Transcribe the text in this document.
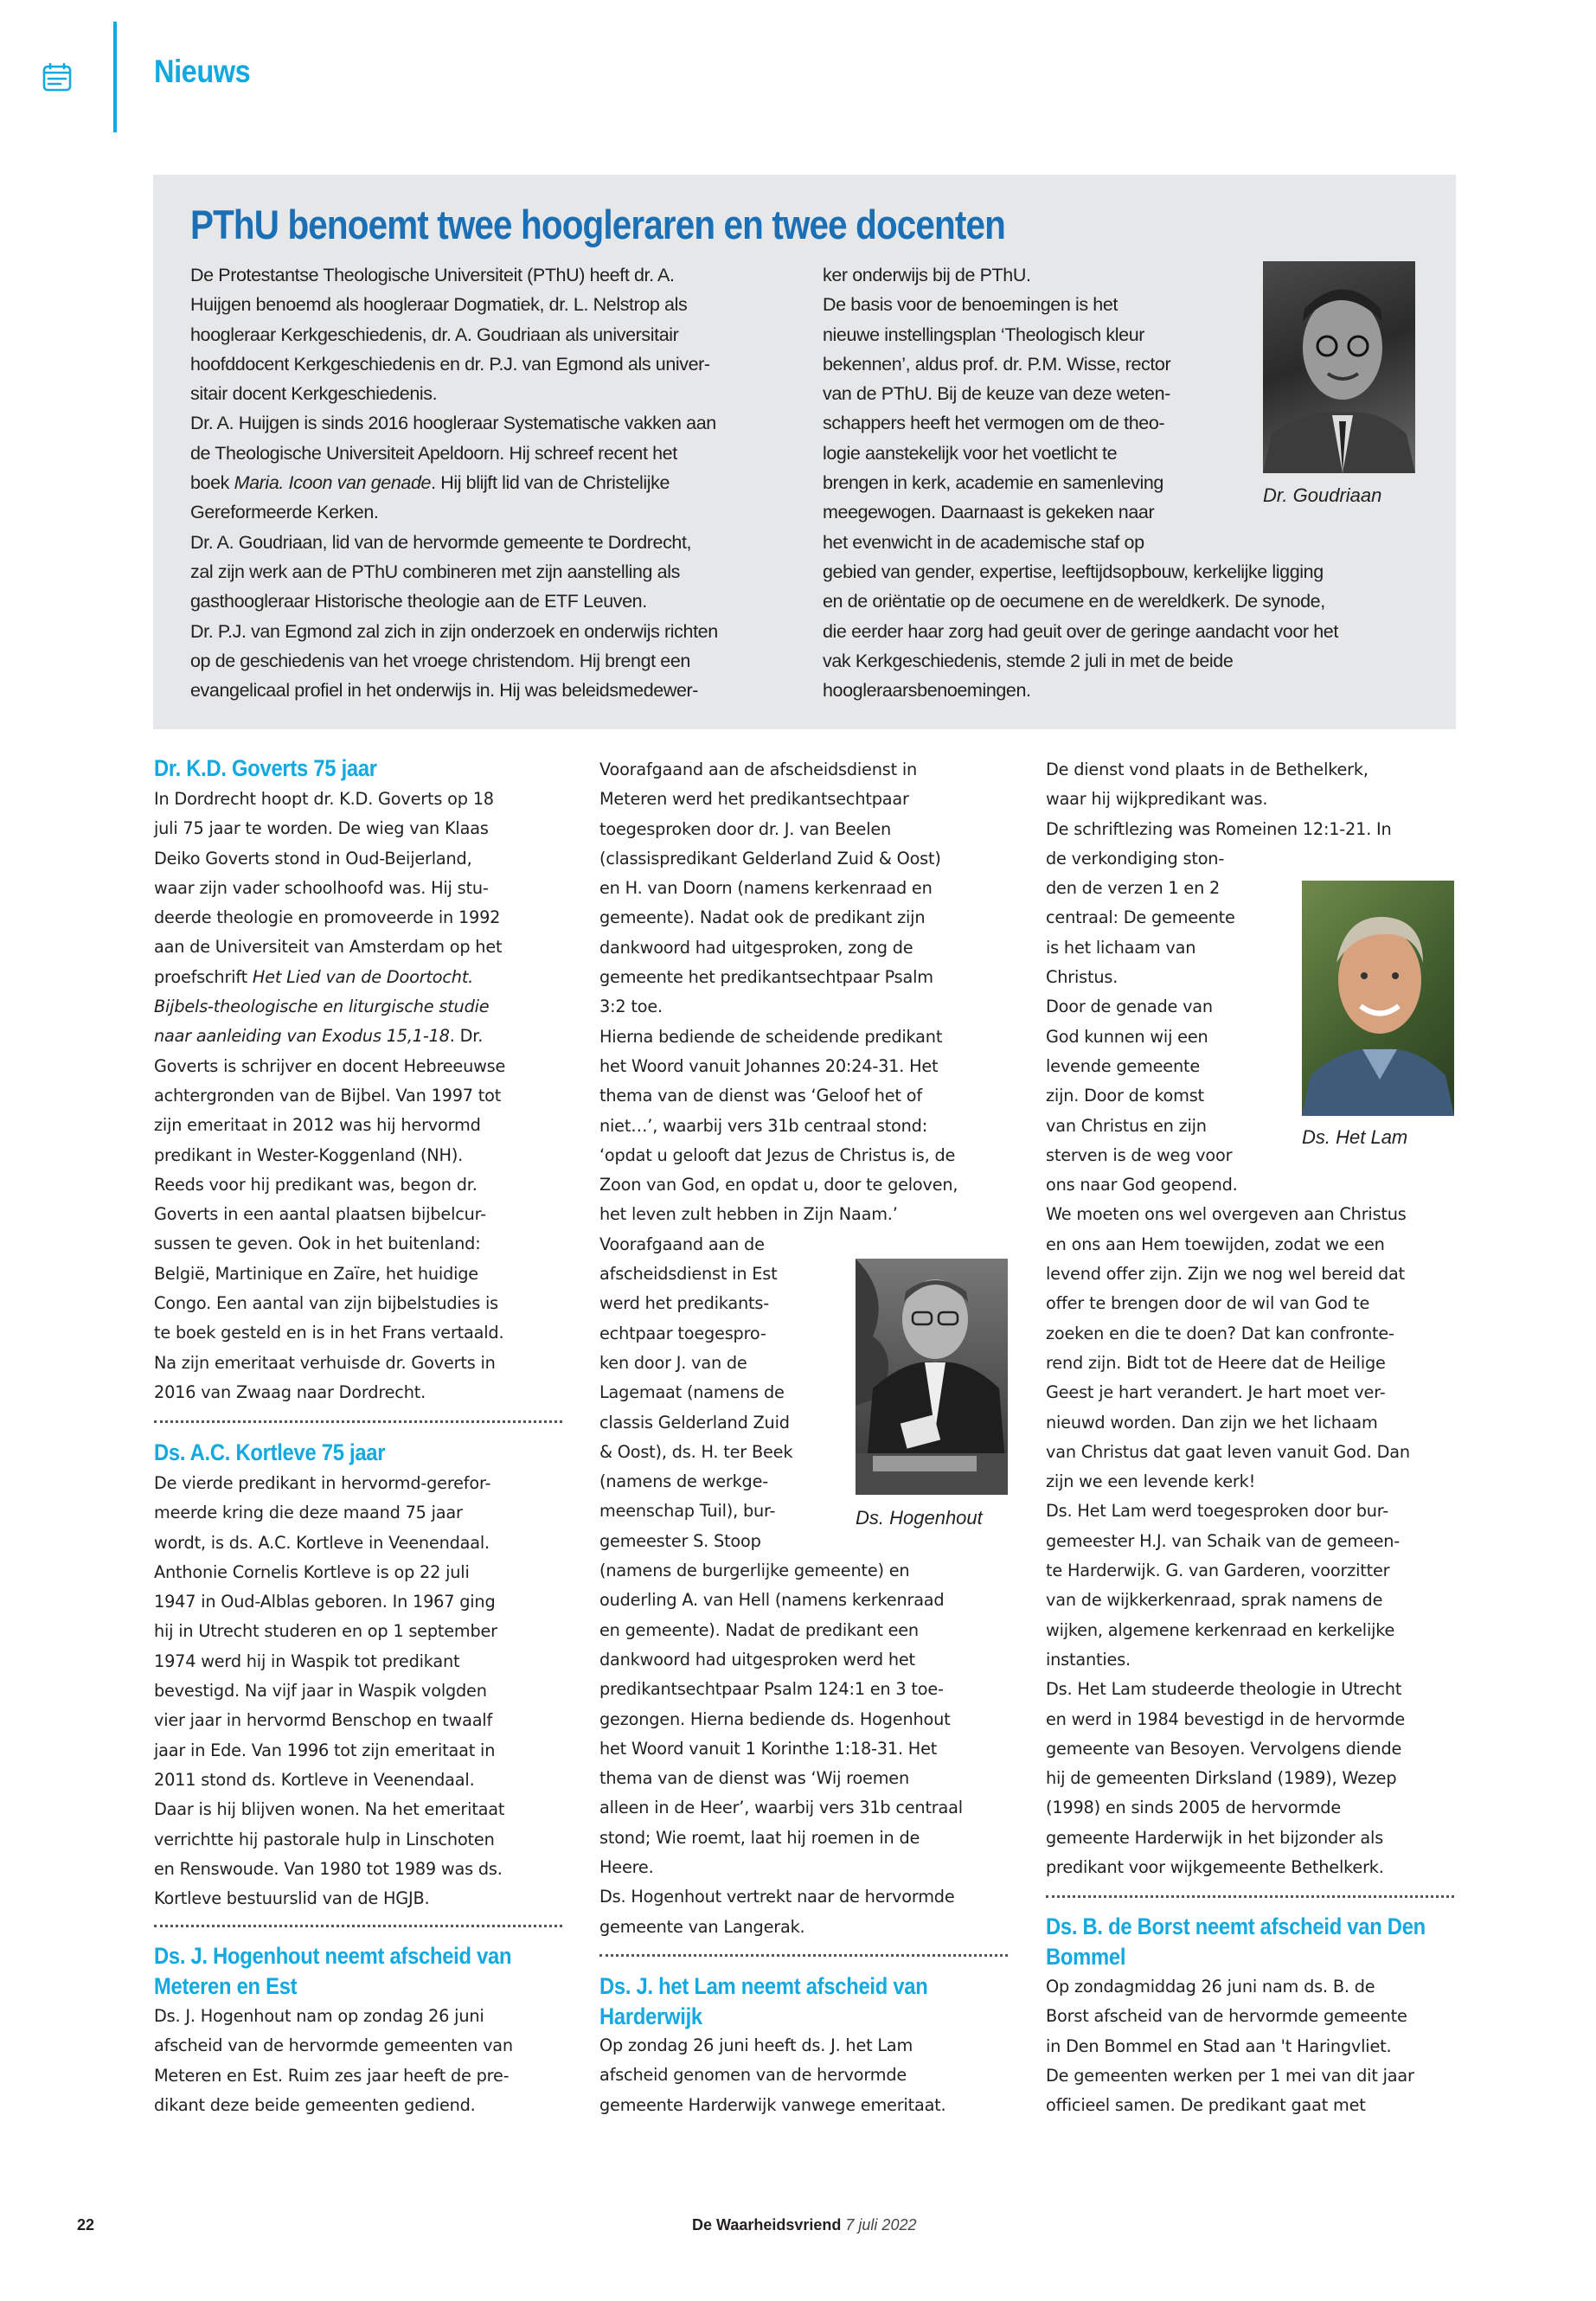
Nieuws
PThU benoemt twee hoogleraren en twee docenten
De Protestantse Theologische Universiteit (PThU) heeft dr. A.
Huijgen benoemd als hoogleraar Dogmatiek, dr. L. Nelstrop als
hoogleraar Kerkgeschiedenis, dr. A. Goudriaan als universitair
hoofddocent Kerkgeschiedenis en dr. P.J. van Egmond als univer-
sitair docent Kerkgeschiedenis.
Dr. A. Huijgen is sinds 2016 hoogleraar Systematische vakken aan
de Theologische Universiteit Apeldoorn. Hij schreef recent het
boek Maria. Icoon van genade. Hij blijft lid van de Christelijke
Gereformeerde Kerken.
Dr. A. Goudriaan, lid van de hervormde gemeente te Dordrecht,
zal zijn werk aan de PThU combineren met zijn aanstelling als
gasthoogleraar Historische theologie aan de ETF Leuven.
Dr. P.J. van Egmond zal zich in zijn onderzoek en onderwijs richten
op de geschiedenis van het vroege christendom. Hij brengt een
evangelicaal profiel in het onderwijs in. Hij was beleidsmedewer-
ker onderwijs bij de PThU.
De basis voor de benoemingen is het
nieuwe instellingsplan ‘Theologisch kleur
bekennen’, aldus prof. dr. P.M. Wisse, rector
van de PThU. Bij de keuze van deze weten-
schappers heeft het vermogen om de theo-
logie aanstekelijk voor het voetlicht te
brengen in kerk, academie en samenleving
meegewogen. Daarnaast is gekeken naar
het evenwicht in de academische staf op
gebied van gender, expertise, leeftijdsopbouw, kerkelijke ligging
en de oriëntatie op de oecumene en de wereldkerk. De synode,
die eerder haar zorg had geuit over de geringe aandacht voor het
vak Kerkgeschiedenis, stemde 2 juli in met de beide
hoogleraarsbenoemingen.
Dr. Goudriaan
Dr. K.D. Goverts 75 jaar
In Dordrecht hoopt dr. K.D. Goverts op 18
juli 75 jaar te worden. De wieg van Klaas
Deiko Goverts stond in Oud-Beijerland,
waar zijn vader schoolhoofd was. Hij stu-
deerde theologie en promoveerde in 1992
aan de Universiteit van Amsterdam op het
proefschrift Het Lied van de Doortocht.
Bijbels-theologische en liturgische studie
naar aanleiding van Exodus 15,1-18. Dr.
Goverts is schrijver en docent Hebreeuwse
achtergronden van de Bijbel. Van 1997 tot
zijn emeritaat in 2012 was hij hervormd
predikant in Wester-Koggenland (NH).
Reeds voor hij predikant was, begon dr.
Goverts in een aantal plaatsen bijbelcur-
sussen te geven. Ook in het buitenland:
België, Martinique en Zaïre, het huidige
Congo. Een aantal van zijn bijbelstudies is
te boek gesteld en is in het Frans vertaald.
Na zijn emeritaat verhuisde dr. Goverts in
2016 van Zwaag naar Dordrecht.
Ds. A.C. Kortleve 75 jaar
De vierde predikant in hervormd-gerefor-
meerde kring die deze maand 75 jaar
wordt, is ds. A.C. Kortleve in Veenendaal.
Anthonie Cornelis Kortleve is op 22 juli
1947 in Oud-Alblas geboren. In 1967 ging
hij in Utrecht studeren en op 1 september
1974 werd hij in Waspik tot predikant
bevestigd. Na vijf jaar in Waspik volgden
vier jaar in hervormd Benschop en twaalf
jaar in Ede. Van 1996 tot zijn emeritaat in
2011 stond ds. Kortleve in Veenendaal.
Daar is hij blijven wonen. Na het emeritaat
verrichtte hij pastorale hulp in Linschoten
en Renswoude. Van 1980 tot 1989 was ds.
Kortleve bestuurslid van de HGJB.
Ds. J. Hogenhout neemt afscheid van
Meteren en Est
Ds. J. Hogenhout nam op zondag 26 juni
afscheid van de hervormde gemeenten van
Meteren en Est. Ruim zes jaar heeft de pre-
dikant deze beide gemeenten gediend.
Voorafgaand aan de afscheidsdienst in
Meteren werd het predikantsechtpaar
toegesproken door dr. J. van Beelen
(classispredikant Gelderland Zuid & Oost)
en H. van Doorn (namens kerkenraad en
gemeente). Nadat ook de predikant zijn
dankwoord had uitgesproken, zong de
gemeente het predikantsechtpaar Psalm
3:2 toe.
Hierna bediende de scheidende predikant
het Woord vanuit Johannes 20:24-31. Het
thema van de dienst was ‘Geloof het of
niet…’, waarbij vers 31b centraal stond:
‘opdat u gelooft dat Jezus de Christus is, de
Zoon van God, en opdat u, door te geloven,
het leven zult hebben in Zijn Naam.’
Voorafgaand aan de
afscheidsdienst in Est
werd het predikants-
echtpaar toegespro-
ken door J. van de
Lagemaat (namens de
classis Gelderland Zuid
& Oost), ds. H. ter Beek
(namens de werkge-
meenschap Tuil), bur-
gemeester S. Stoop
(namens de burgerlijke gemeente) en
ouderling A. van Hell (namens kerkenraad
en gemeente). Nadat de predikant een
dankwoord had uitgesproken werd het
predikantsechtpaar Psalm 124:1 en 3 toe-
gezongen. Hierna bediende ds. Hogenhout
het Woord vanuit 1 Korinthe 1:18-31. Het
thema van de dienst was ‘Wij roemen
alleen in de Heer’, waarbij vers 31b centraal
stond; Wie roemt, laat hij roemen in de
Heere.
Ds. Hogenhout vertrekt naar de hervormde
gemeente van Langerak.
Ds. Hogenhout
Ds. J. het Lam neemt afscheid van
Harderwijk
Op zondag 26 juni heeft ds. J. het Lam
afscheid genomen van de hervormde
gemeente Harderwijk vanwege emeritaat.
De dienst vond plaats in de Bethelkerk,
waar hij wijkpredikant was.
De schriftlezing was Romeinen 12:1-21. In
de verkondiging ston-
den de verzen 1 en 2
centraal: De gemeente
is het lichaam van
Christus.
Door de genade van
God kunnen wij een
levende gemeente
zijn. Door de komst
van Christus en zijn
sterven is de weg voor
ons naar God geopend.
We moeten ons wel overgeven aan Christus
en ons aan Hem toewijden, zodat we een
levend offer zijn. Zijn we nog wel bereid dat
offer te brengen door de wil van God te
zoeken en die te doen? Dat kan confronte-
rend zijn. Bidt tot de Heere dat de Heilige
Geest je hart verandert. Je hart moet ver-
nieuwd worden. Dan zijn we het lichaam
van Christus dat gaat leven vanuit God. Dan
zijn we een levende kerk!
Ds. Het Lam werd toegesproken door bur-
gemeester H.J. van Schaik van de gemeen-
te Harderwijk. G. van Garderen, voorzitter
van de wijkkerkenraad, sprak namens de
wijken, algemene kerkenraad en kerkelijke
instanties.
Ds. Het Lam studeerde theologie in Utrecht
en werd in 1984 bevestigd in de hervormde
gemeente van Besoyen. Vervolgens diende
hij de gemeenten Dirksland (1989), Wezep
(1998) en sinds 2005 de hervormde
gemeente Harderwijk in het bijzonder als
predikant voor wijkgemeente Bethelkerk.
Ds. Het Lam
Ds. B. de Borst neemt afscheid van Den
Bommel
Op zondagmiddag 26 juni nam ds. B. de
Borst afscheid van de hervormde gemeente
in Den Bommel en Stad aan 't Haringvliet.
De gemeenten werken per 1 mei van dit jaar
officieel samen. De predikant gaat met
22	De Waarheidsvriend 7 juli 2022
